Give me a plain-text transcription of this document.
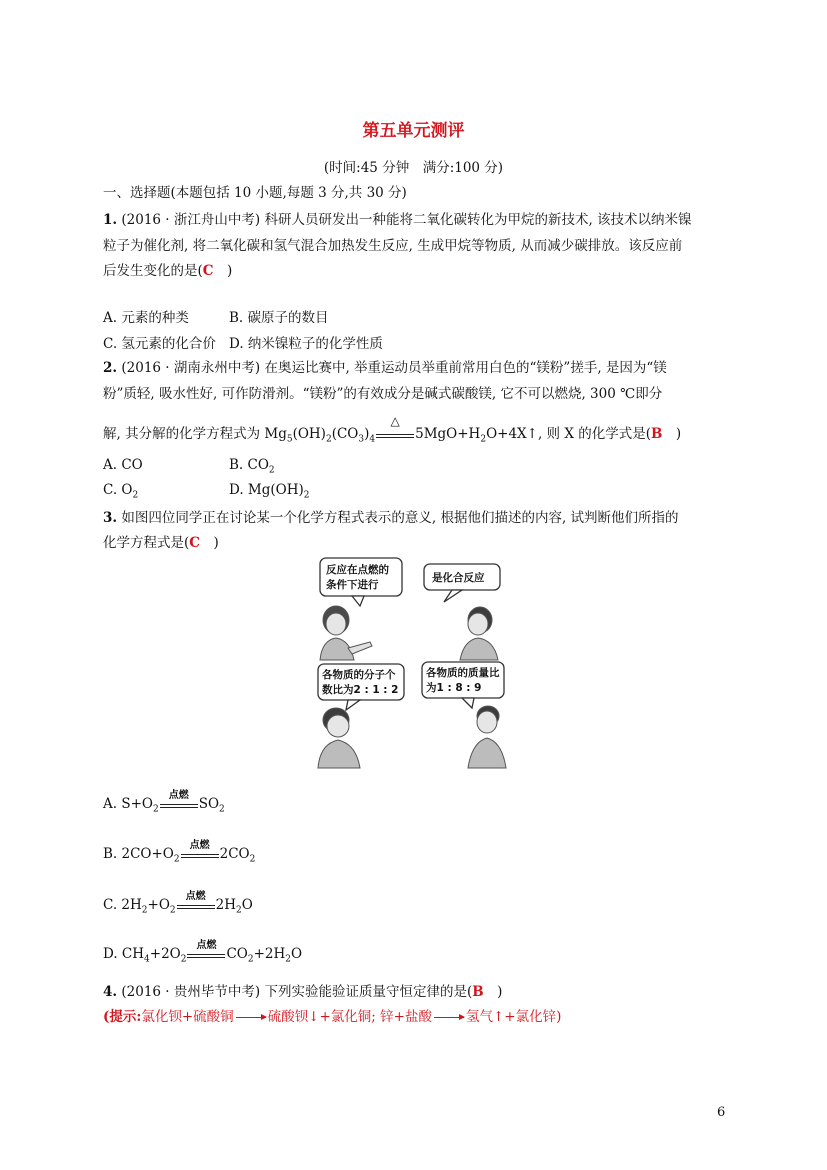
第五单元测评
(时间:45 分钟　满分:100 分)
一、选择题(本题包括 10 小题,每题 3 分,共 30 分)
1. (2016 · 浙江舟山中考) 科研人员研发出一种能将二氧化碳转化为甲烷的新技术, 该技术以纳米镍
粒子为催化剂, 将二氧化碳和氢气混合加热发生反应, 生成甲烷等物质, 从而减少碳排放。该反应前
后发生变化的是(C　)
A. 元素的种类	B. 碳原子的数目
C. 氢元素的化合价 D. 纳米镍粒子的化学性质
2. (2016 · 湖南永州中考) 在奥运比赛中, 举重运动员举重前常用白色的“镁粉”搓手, 是因为“镁
粉”质轻, 吸水性好, 可作防滑剂。“镁粉”的有效成分是碱式碳酸镁, 它不可以燃烧, 300 ℃即分
解, 其分解的化学方程式为 $Mg_5(OH)_2(CO_3)_4$
△
$5MgO+H_2O+4X↑$, 则 X 的化学式是(B　)
A. CO	B. $CO_2$
C. $O_2$	D. $Mg(OH)_2$
3. 如图四位同学正在讨论某一个化学方程式表示的意义, 根据他们描述的内容, 试判断他们所指的
化学方程式是(C　)
反应在点燃的
条件下进行
是化合反应
各物质的分子个
数比为2 : 1 : 2
各物质的质量比
为1 : 8 : 9
A. $S+O_2$
点燃
$SO_2$
B. $2CO+O_2$
点燃
$2CO_2$
C. $2H_2+O_2$
点燃
$2H_2O$
D. $CH_4+2O_2$
点燃
$CO_2+2H_2O$
4. (2016 · 贵州毕节中考) 下列实验能验证质量守恒定律的是(B　)
(提示:氯化钡+硫酸铜 → 硫酸钡↓+氯化铜; 锌+盐酸 → 氢气↑+氯化锌)
6
